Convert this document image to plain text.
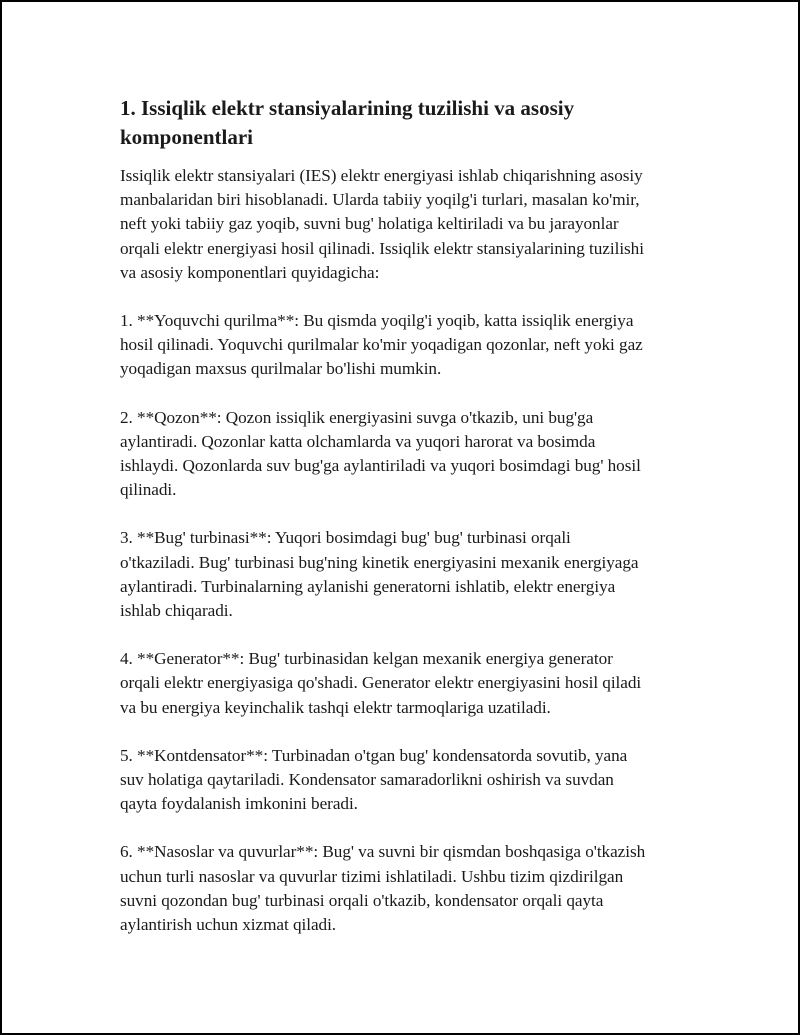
1. Issiqlik elektr stansiyalarining tuzilishi va asosiy komponentlari

Issiqlik elektr stansiyalari (IES) elektr energiyasi ishlab chiqarishning asosiy
manbalaridan biri hisoblanadi. Ularda tabiiy yoqilg'i turlari, masalan ko'mir,
neft yoki tabiiy gaz yoqib, suvni bug' holatiga keltiriladi va bu jarayonlar
orqali elektr energiyasi hosil qilinadi. Issiqlik elektr stansiyalarining tuzilishi
va asosiy komponentlari quyidagicha:

1. **Yoquvchi qurilma**: Bu qismda yoqilg'i yoqib, katta issiqlik energiya
hosil qilinadi. Yoquvchi qurilmalar ko'mir yoqadigan qozonlar, neft yoki gaz
yoqadigan maxsus qurilmalar bo'lishi mumkin.

2. **Qozon**: Qozon issiqlik energiyasini suvga o'tkazib, uni bug'ga
aylantiradi. Qozonlar katta olchamlarda va yuqori harorat va bosimda
ishlaydi. Qozonlarda suv bug'ga aylantiriladi va yuqori bosimdagi bug' hosil
qilinadi.

3. **Bug' turbinasi**: Yuqori bosimdagi bug' bug' turbinasi orqali
o'tkaziladi. Bug' turbinasi bug'ning kinetik energiyasini mexanik energiyaga
aylantiradi. Turbinalarning aylanishi generatorni ishlatib, elektr energiya
ishlab chiqaradi.

4. **Generator**: Bug' turbinasidan kelgan mexanik energiya generator
orqali elektr energiyasiga qo'shadi. Generator elektr energiyasini hosil qiladi
va bu energiya keyinchalik tashqi elektr tarmoqlariga uzatiladi.

5. **Kontdensator**: Turbinadan o'tgan bug' kondensatorda sovutib, yana
suv holatiga qaytariladi. Kondensator samaradorlikni oshirish va suvdan
qayta foydalanish imkonini beradi.

6. **Nasoslar va quvurlar**: Bug' va suvni bir qismdan boshqasiga o'tkazish
uchun turli nasoslar va quvurlar tizimi ishlatiladi. Ushbu tizim qizdirilgan
suvni qozondan bug' turbinasi orqali o'tkazib, kondensator orqali qayta
aylantirish uchun xizmat qiladi.
